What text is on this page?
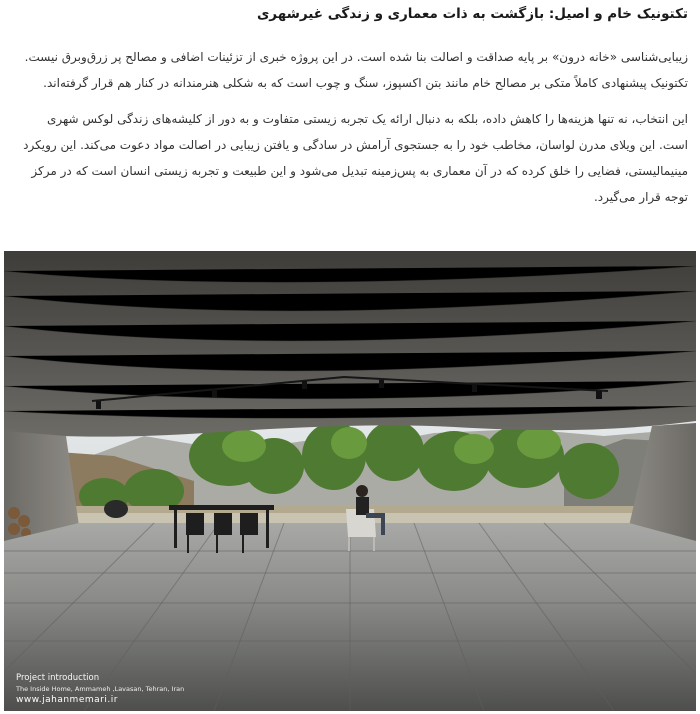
تکتونیک خام و اصیل: بازگشت به ذات معماری و زندگی غیرشهری
زیبایی‌شناسی «خانه درون» بر پایه صداقت و اصالت بنا شده است. در این پروژه خبری از تزئینات اضافی و مصالح پر زرق‌وبرق نیست.
تکتونیک پیشنهادی کاملاً متکی بر مصالح خام مانند بتن اکسپوز، سنگ و چوب است که به شکلی هنرمندانه در کنار هم قرار گرفته‌اند.
این انتخاب، نه تنها هزینه‌ها را کاهش داده، بلکه به دنبال ارائه یک تجربه زیستی متفاوت و به دور از کلیشه‌های زندگی لوکس شهری
است. این ویلای مدرن لواسان، مخاطب خود را به جستجوی آرامش در سادگی و یافتن زیبایی در اصالت مواد دعوت می‌کند. این رویکرد
مینیمالیستی، فضایی را خلق کرده که در آن معماری به پس‌زمینه تبدیل می‌شود و این طبیعت و تجربه زیستی انسان است که در مرکز
توجه قرار می‌گیرد.
Project introduction
The Inside Home, Ammameh ,Lavasan, Tehran, Iran
www.jahanmemari.ir
